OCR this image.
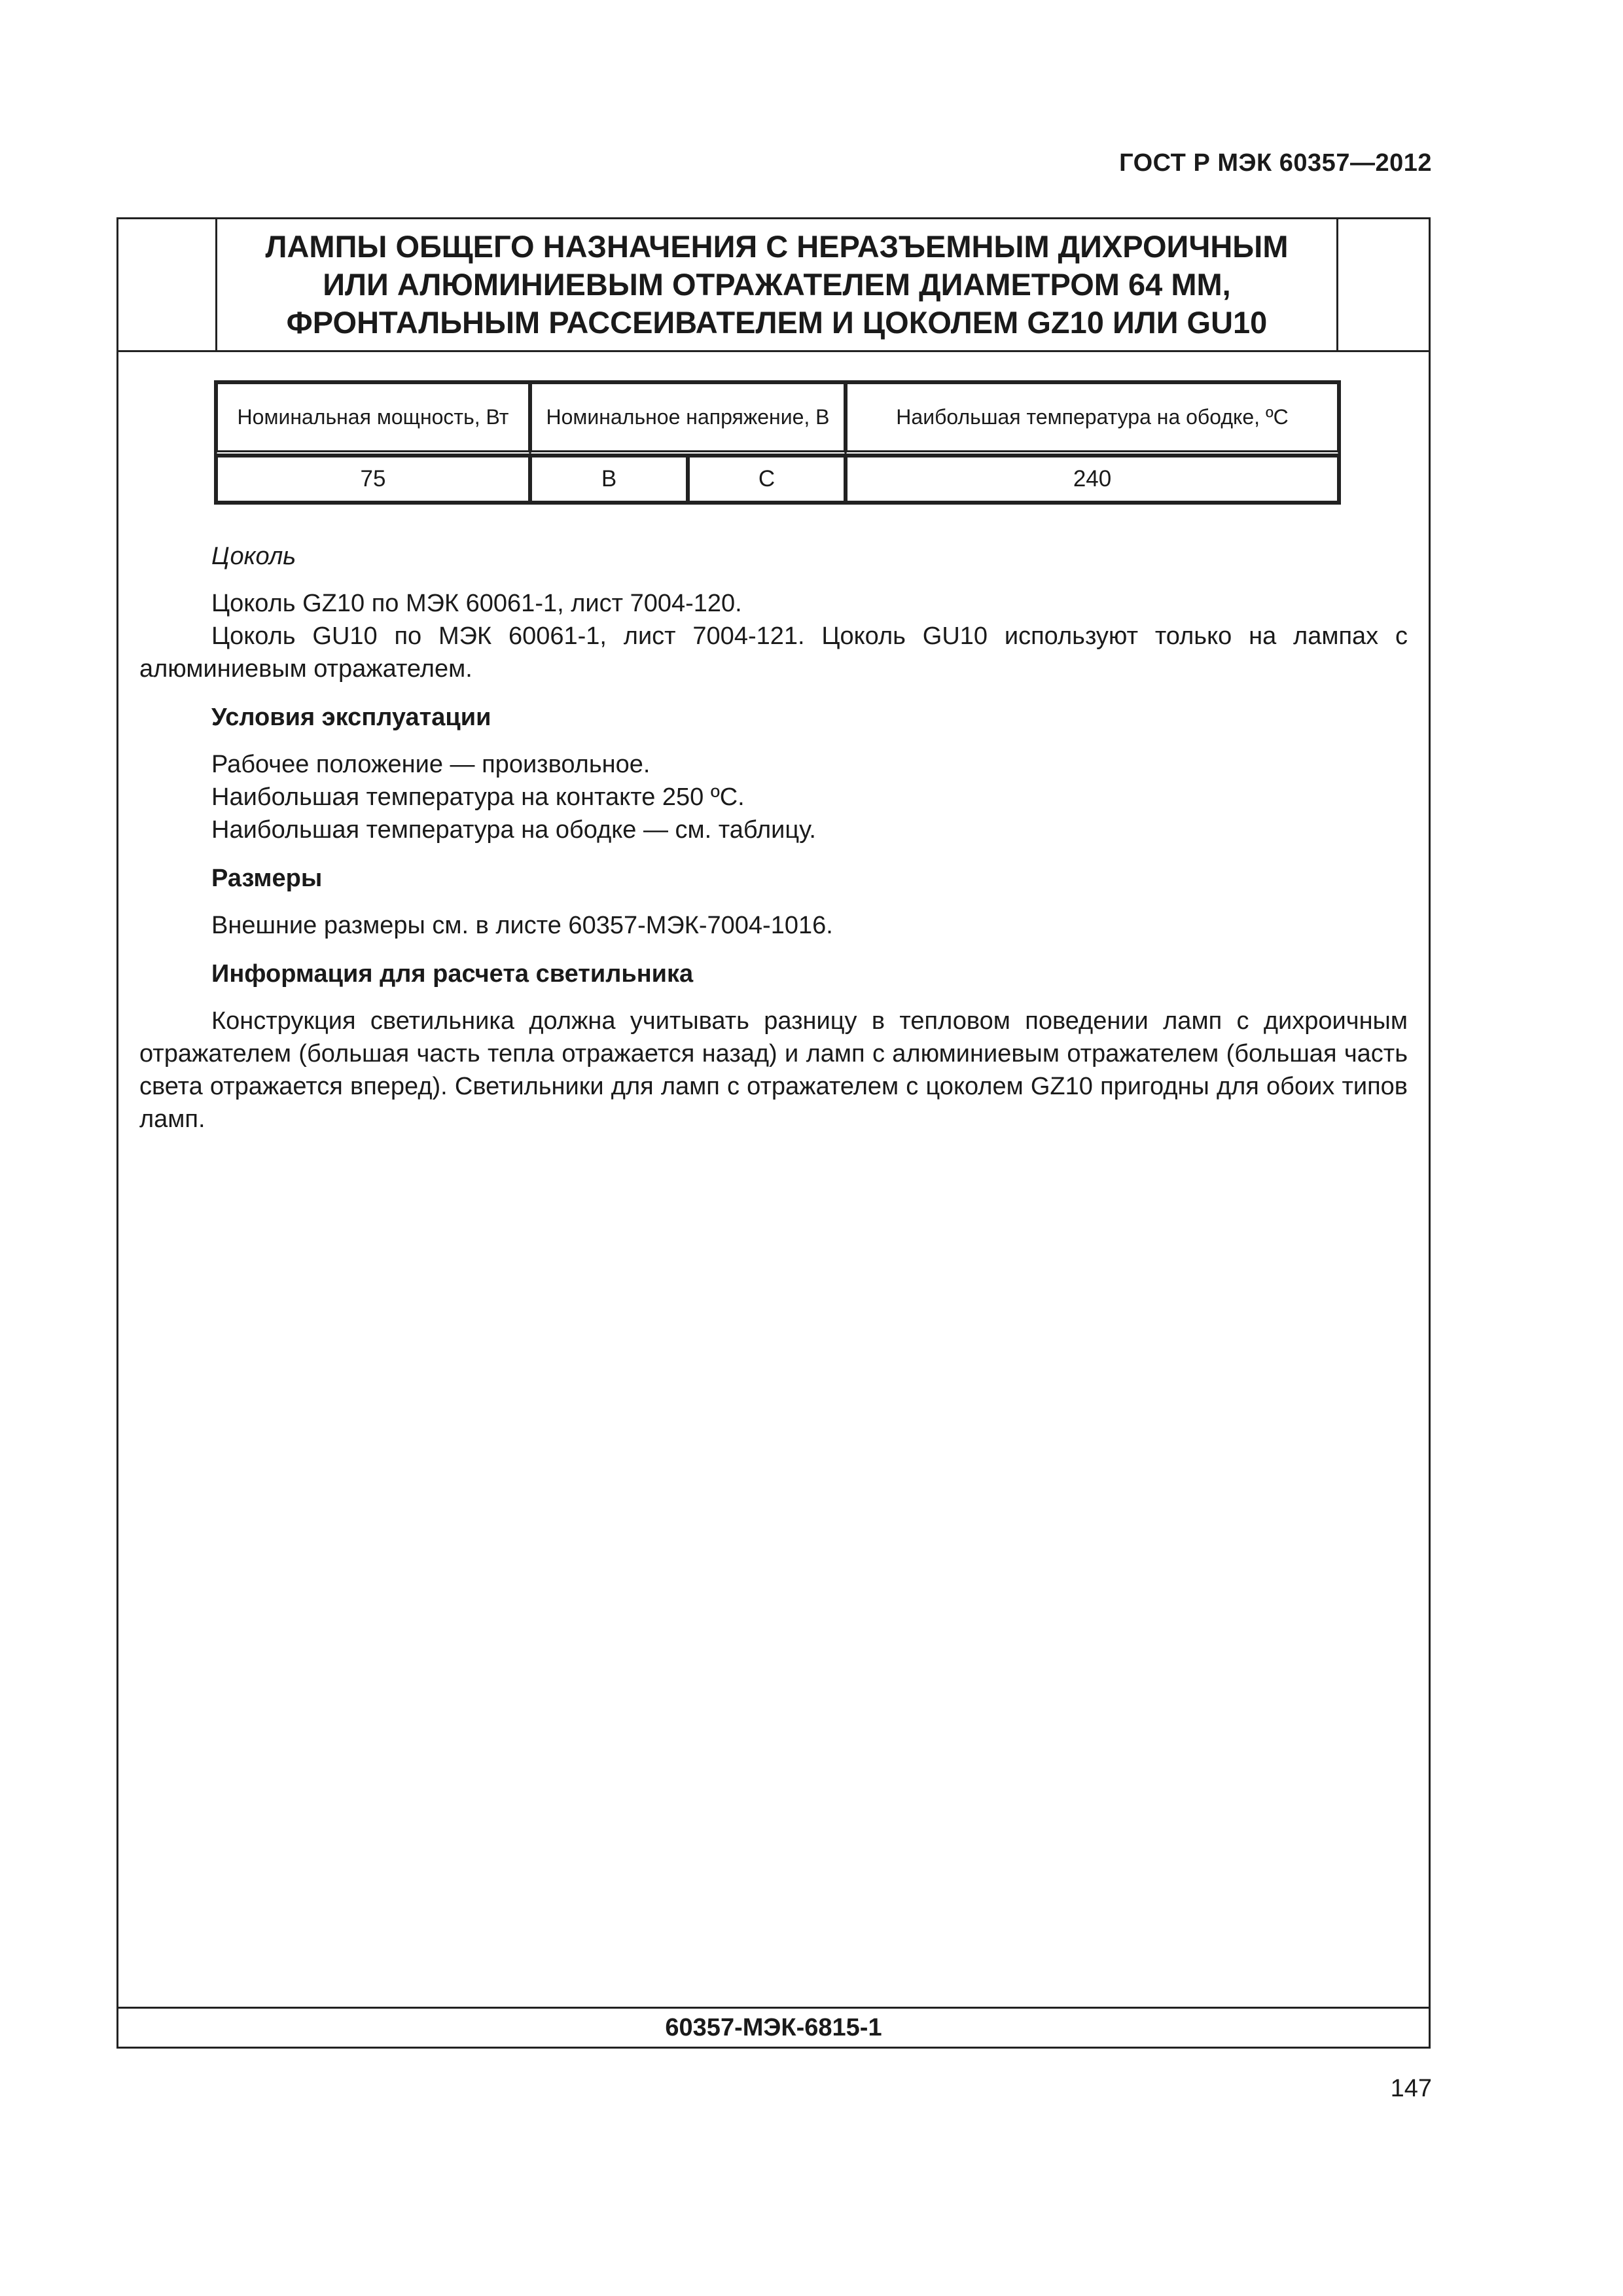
ГОСТ Р МЭК 60357—2012
ЛАМПЫ ОБЩЕГО НАЗНАЧЕНИЯ С НЕРАЗЪЕМНЫМ ДИХРОИЧНЫМ
ИЛИ АЛЮМИНИЕВЫМ ОТРАЖАТЕЛЕМ ДИАМЕТРОМ 64 ММ,
ФРОНТАЛЬНЫМ РАССЕИВАТЕЛЕМ И ЦОКОЛЕМ GZ10 ИЛИ GU10
Номинальная мощность, Вт	Номинальное напряжение, В		Наибольшая температура на ободке, ºС
75	B	C	240

Цоколь

Цоколь GZ10 по МЭК 60061-1, лист 7004-120.

Цоколь GU10 по МЭК 60061-1, лист 7004-121. Цоколь GU10 используют только на лампах с алюминиевым отражателем.

Условия эксплуатации

Рабочее положение — произвольное.

Наибольшая температура на контакте 250 ºС.

Наибольшая температура на ободке — см. таблицу.

Размеры

Внешние размеры см. в листе 60357-МЭК-7004-1016.

Информация для расчета светильника

Конструкция светильника должна учитывать разницу в тепловом поведении ламп с дихроичным отражателем (большая часть тепла отражается назад) и ламп с алюминиевым отражателем (большая часть света отражается вперед). Светильники для ламп с отражателем с цоколем GZ10 пригодны для обоих типов ламп.

60357-МЭК-6815-1
147
